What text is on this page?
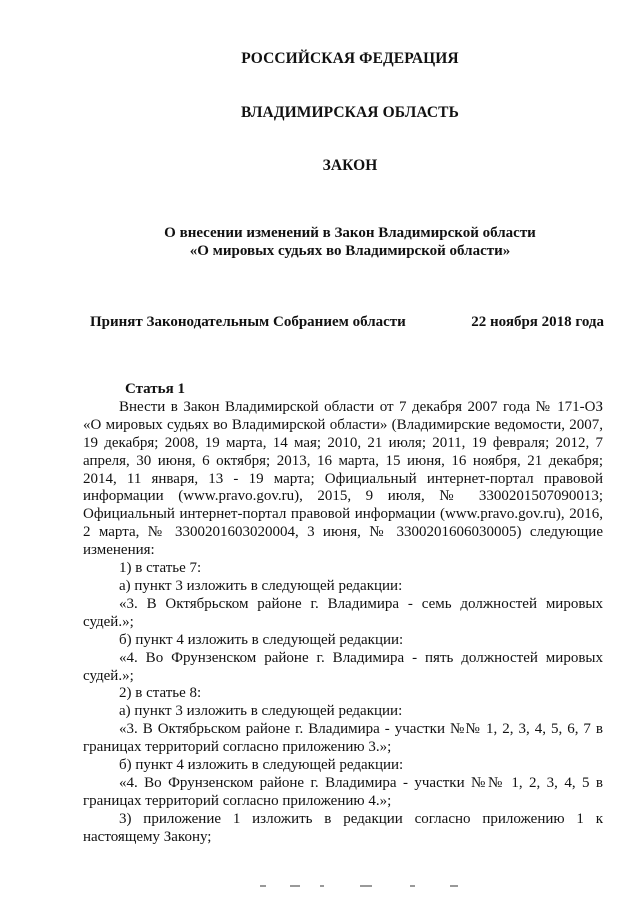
РОССИЙСКАЯ ФЕДЕРАЦИЯ
ВЛАДИМИРСКАЯ ОБЛАСТЬ
ЗАКОН
О внесении изменений в Закон Владимирской области «О мировых судьях во Владимирской области»
Принят Законодательным Собранием области	22 ноября 2018 года

Статья 1

Внести в Закон Владимирской области от 7 декабря 2007 года № 171-ОЗ «О мировых судьях во Владимирской области» (Владимирские ведомости, 2007, 19 декабря; 2008, 19 марта, 14 мая; 2010, 21 июля; 2011, 19 февраля; 2012, 7 апреля, 30 июня, 6 октября; 2013, 16 марта, 15 июня, 16 ноября, 21 декабря; 2014, 11 января, 13 - 19 марта; Официальный интернет-портал правовой информации (www.pravo.gov.ru), 2015, 9 июля, № 3300201507090013; Официальный интернет-портал правовой информации (www.pravo.gov.ru), 2016, 2 марта, № 3300201603020004, 3 июня, № 3300201606030005) следующие изменения:

1) в статье 7:

а) пункт 3 изложить в следующей редакции:

«3. В Октябрьском районе г. Владимира - семь должностей мировых судей.»;

б) пункт 4 изложить в следующей редакции:

«4. Во Фрунзенском районе г. Владимира - пять должностей мировых судей.»;

2) в статье 8:

а) пункт 3 изложить в следующей редакции:

«3. В Октябрьском районе г. Владимира - участки №№ 1, 2, 3, 4, 5, 6, 7 в границах территорий согласно приложению 3.»;

б) пункт 4 изложить в следующей редакции:

«4. Во Фрунзенском районе г. Владимира - участки №№ 1, 2, 3, 4, 5 в границах территорий согласно приложению 4.»;

3) приложение 1 изложить в редакции согласно приложению 1 к настоящему Закону;
